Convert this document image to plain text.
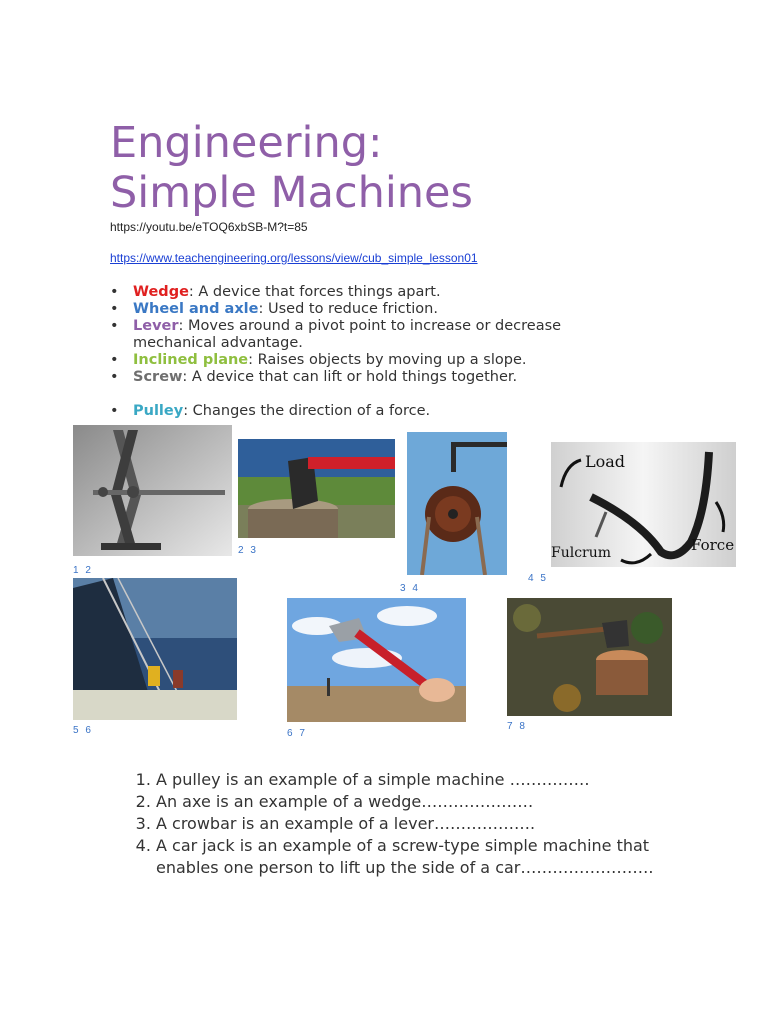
Engineering:
Simple Machines
https://youtu.be/eTOQ6xbSB-M?t=85
https://www.teachengineering.org/lessons/view/cub_simple_lesson01
• Wedge: A device that forces things apart.
• Wheel and axle: Used to reduce friction.
• Lever: Moves around a pivot point to increase or decrease mechanical advantage.
• Inclined plane: Raises objects by moving up a slope.
• Screw: A device that can lift or hold things together.
• Pulley: Changes the direction of a force.
1 2
2 3
3 4
Load
Fulcrum	Force
4 5
5 6	6 7
7 8
1. A pulley is an example of a simple machine ……………
2. An axe is an example of a wedge…………………
3. A crowbar is an example of a lever……………….
4. A car jack is an example of a screw-type simple machine that enables one person to lift up the side of a car…………………….
